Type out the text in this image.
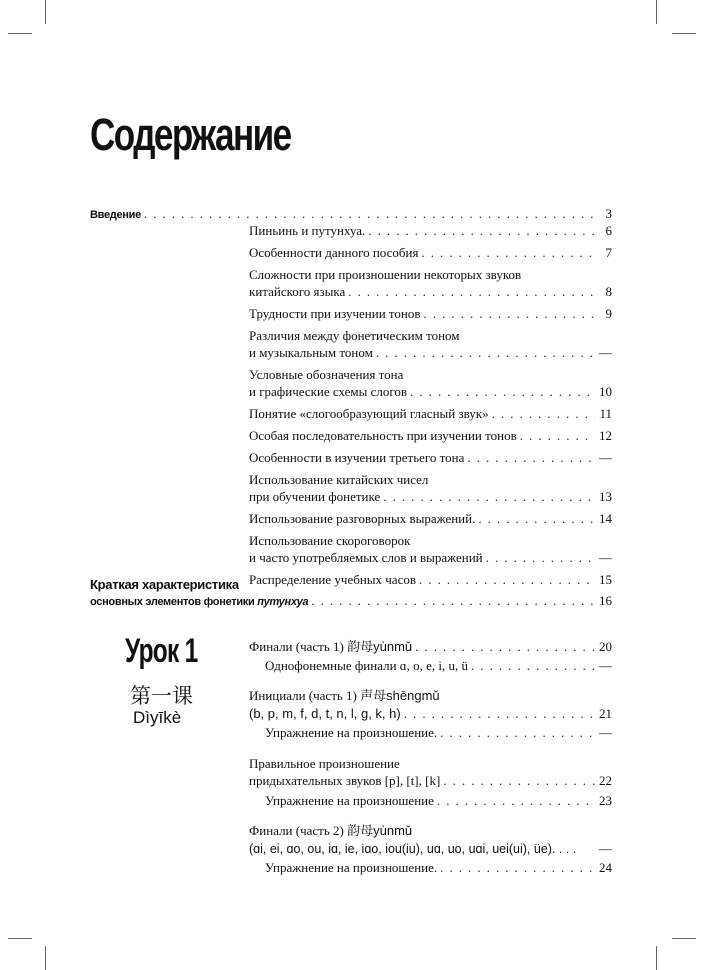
Содержание
Введение . . .	3
Пиньинь и путунхуа. . . .	6
Особенности данного пособия . . .	7
Сложности при произношении некоторых звуков
китайского языка . . .	8
Трудности при изучении тонов . . .	9
Различия между фонетическим тоном
и музыкальным тоном . . .	—
Условные обозначения тона
и графические схемы слогов . . .	10
Понятие «слогообразующий гласный звук» . . .	11
Особая последовательность при изучении тонов . . .	12
Особенности в изучении третьего тона . . .	—
Использование китайских чисел
при обучении фонетике . . .	13
Использование разговорных выражений. . . .	14
Использование скороговорок
и часто употребляемых слов и выражений . . .	—
Распределение учебных часов . . .	15
Краткая характеристика
основных элементов фонетики путунхуа . . .	16
Урок 1
第一课
Dìyīkè
Финали (часть 1) 韵母yùnmǔ . . .	20
Однофонемные финали ɑ, o, e, i, u, ü . . .	—
Инициали (часть 1) 声母shēngmǔ
(b, p, m, f, d, t, n, l, g, k, h) . . .	21
Упражнение на произношение. . . .	—
Правильное произношение
придыхательных звуков [p], [t], [k] . . .	22
Упражнение на произношение . . .	23
Финали (часть 2) 韵母yùnmǔ
(ɑi, ei, ɑo, ou, iɑ, ie, iɑo, iou(iu), uɑ, uo, uɑi, uei(ui), üe). . . . —
Упражнение на произношение. . . .	24
